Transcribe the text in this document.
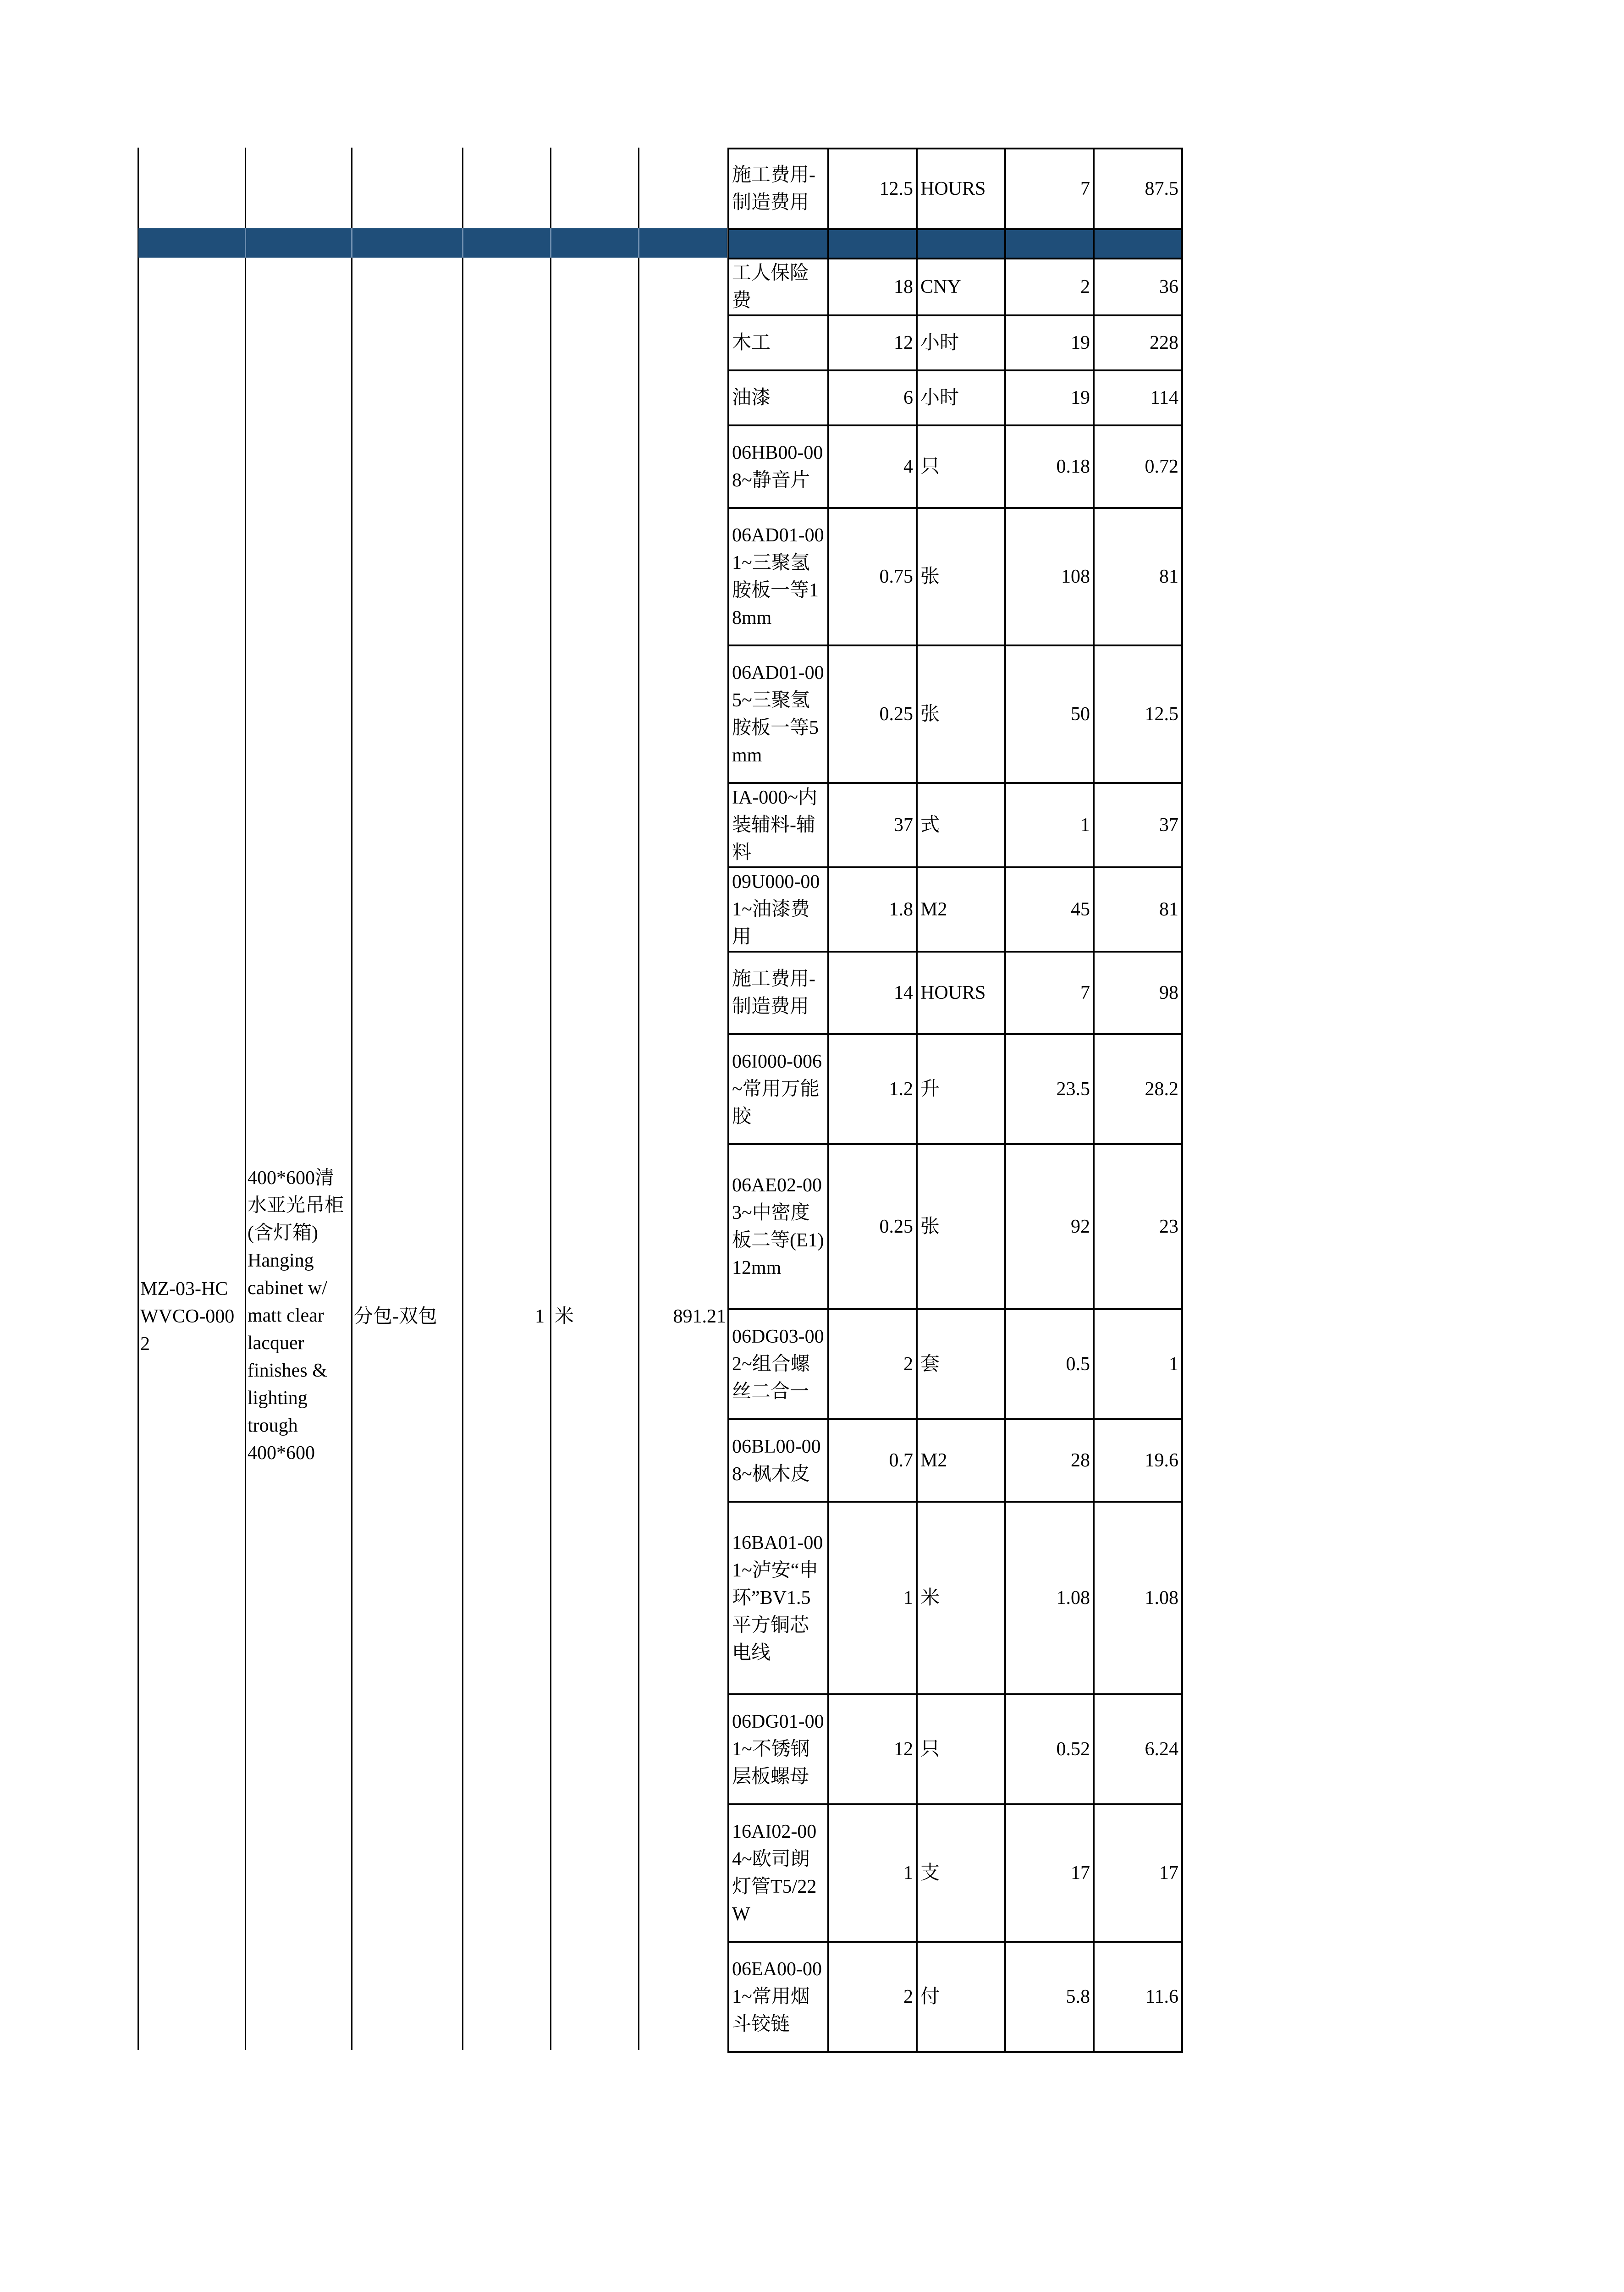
MZ-03-HCWVCO-0002
400*600清水亚光吊柜(含灯箱) Hanging cabinet w/ matt clear lacquer finishes & lighting trough 400*600
分包-双包	1 米	891.21
施工费用-制造费用	12.5	HOURS	7	87.5

工人保险费	18	CNY	2	36
木工	12	小时	19	228
油漆	6	小时	19	114
06HB00-008~静音片	4	只	0.18	0.72
06AD01-001~三聚氢胺板一等18mm	0.75	张	108	81
06AD01-005~三聚氢胺板一等5mm	0.25	张	50	12.5
IA-000~内装辅料-辅料	37	式	1	37
09U000-001~油漆费用	1.8	M2	45	81
施工费用-制造费用	14	HOURS	7	98
06I000-006~常用万能胶	1.2	升	23.5	28.2
06AE02-003~中密度板二等(E1)12mm	0.25	张	92	23
06DG03-002~组合螺丝二合一	2	套	0.5	1
06BL00-008~枫木皮	0.7	M2	28	19.6
16BA01-001~泸安“申环”BV1.5平方铜芯电线	1	米	1.08	1.08
06DG01-001~不锈钢层板螺母	12	只	0.52	6.24
16AI02-004~欧司朗灯管T5/22W	1	支	17	17
06EA00-001~常用烟斗铰链	2	付	5.8	11.6
